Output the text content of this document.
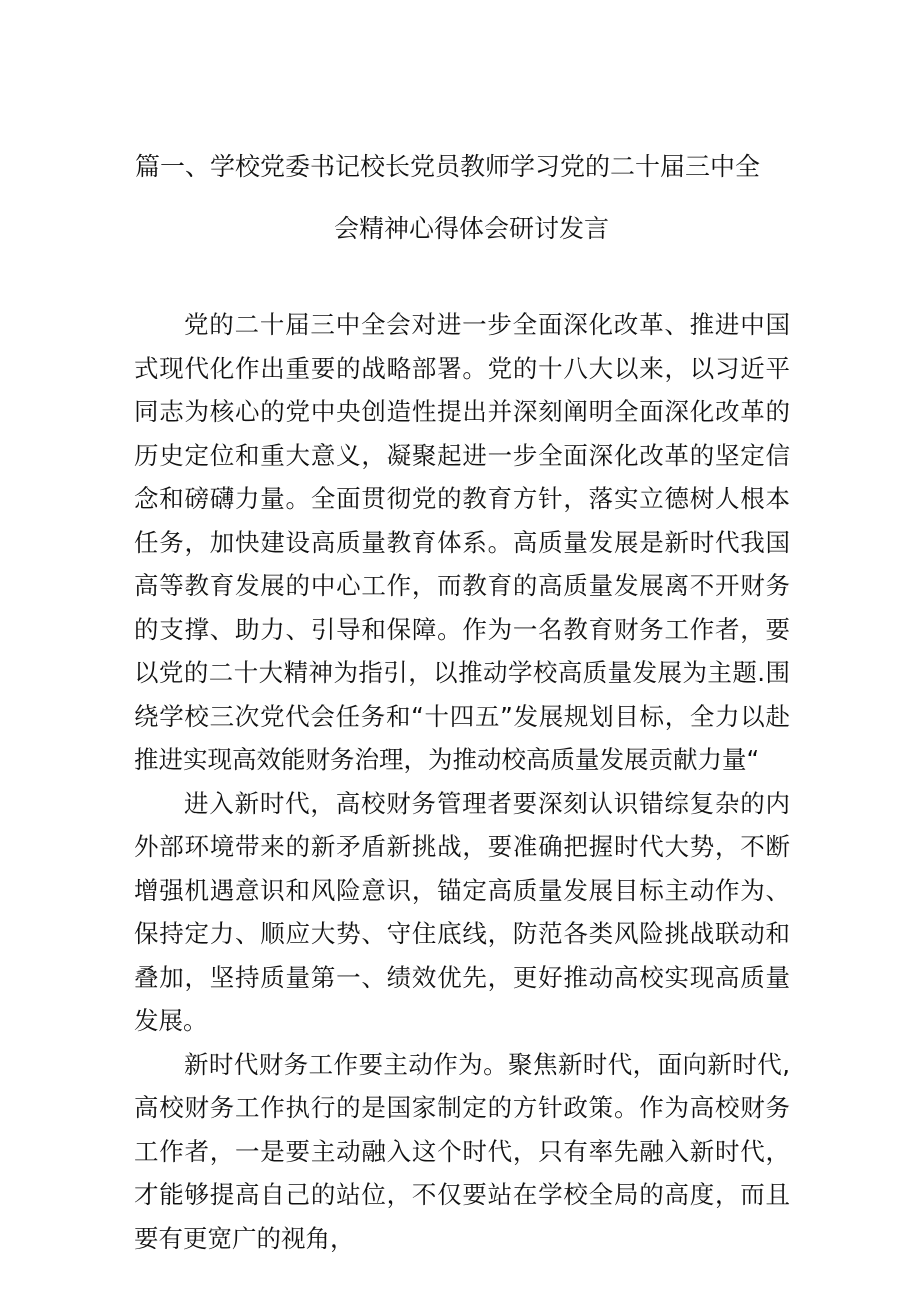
篇一、学校党委书记校长党员教师学习党的二十届三中全
会精神心得体会研讨发言

党的二十届三中全会对进一步全面深化改革、推进中国式现代化作出重要的战略部署。党的十八大以来，以习近平同志为核心的党中央创造性提出并深刻阐明全面深化改革的历史定位和重大意义，凝聚起进一步全面深化改革的坚定信念和磅礴力量。全面贯彻党的教育方针，落实立德树人根本任务，加快建设高质量教育体系。高质量发展是新时代我国高等教育发展的中心工作，而教育的高质量发展离不开财务的支撑、助力、引导和保障。作为一名教育财务工作者，要以党的二十大精神为指引，以推动学校高质量发展为主题.围绕学校三次党代会任务和“十四五”发展规划目标，全力以赴推进实现高效能财务治理，为推动校高质量发展贡献力量“

进入新时代，高校财务管理者要深刻认识错综复杂的内外部环境带来的新矛盾新挑战，要准确把握时代大势，不断增强机遇意识和风险意识，锚定高质量发展目标主动作为、保持定力、顺应大势、守住底线，防范各类风险挑战联动和叠加，坚持质量第一、绩效优先，更好推动高校实现高质量发展。

新时代财务工作要主动作为。聚焦新时代，面向新时代,高校财务工作执行的是国家制定的方针政策。作为高校财务工作者，一是要主动融入这个时代，只有率先融入新时代，才能够提高自己的站位，不仅要站在学校全局的高度，而且要有更宽广的视角，
